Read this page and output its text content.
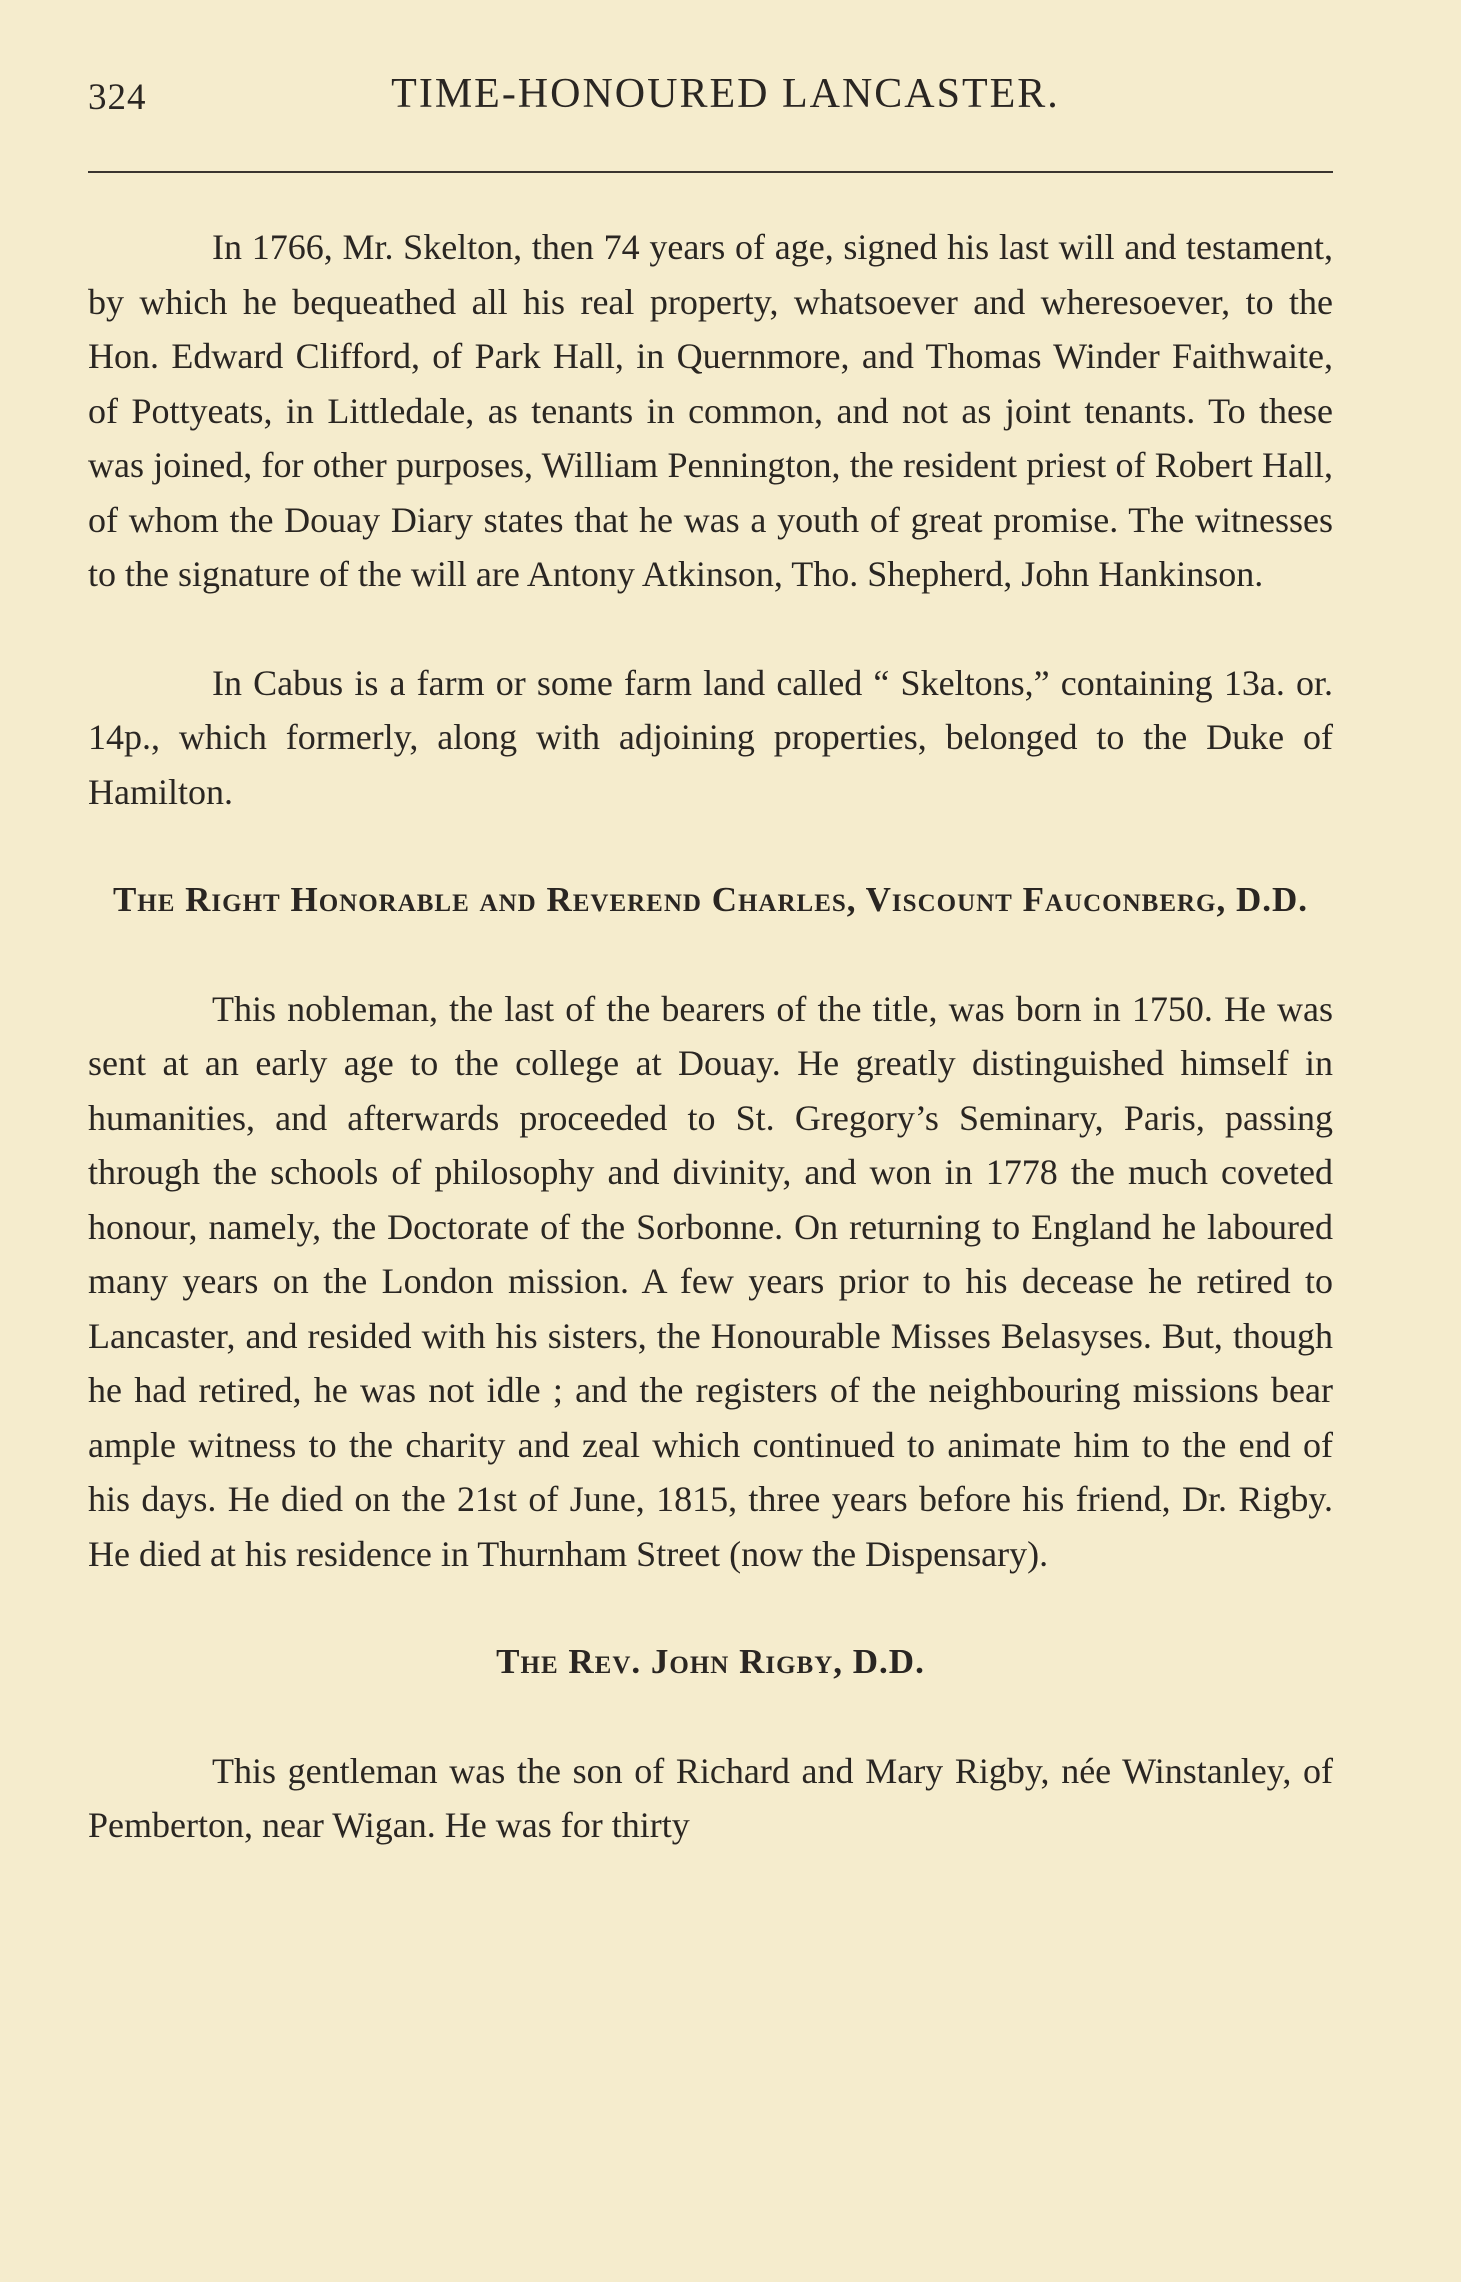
324	TIME-HONOURED LANCASTER.

In 1766, Mr. Skelton, then 74 years of age, signed his last will and testament, by which he bequeathed all his real property, whatsoever and wheresoever, to the Hon. Edward Clifford, of Park Hall, in Quernmore, and Thomas Winder Faithwaite, of Pottyeats, in Littledale, as tenants in common, and not as joint tenants. To these was joined, for other purposes, William Pennington, the resident priest of Robert Hall, of whom the Douay Diary states that he was a youth of great promise. The witnesses to the signature of the will are Antony Atkinson, Tho. Shepherd, John Hankinson.

In Cabus is a farm or some farm land called “ Skeltons,” containing 13a. or. 14p., which formerly, along with adjoining properties, belonged to the Duke of Hamilton.

The Right Honorable and Reverend Charles, Viscount Fauconberg, D.D.

This nobleman, the last of the bearers of the title, was born in 1750. He was sent at an early age to the college at Douay. He greatly distinguished himself in humanities, and afterwards proceeded to St. Gregory’s Seminary, Paris, passing through the schools of philosophy and divinity, and won in 1778 the much coveted honour, namely, the Doctorate of the Sorbonne. On returning to England he laboured many years on the London mission. A few years prior to his decease he retired to Lancaster, and resided with his sisters, the Honourable Misses Belasyses. But, though he had retired, he was not idle ; and the registers of the neighbouring missions bear ample witness to the charity and zeal which continued to animate him to the end of his days. He died on the 21st of June, 1815, three years before his friend, Dr. Rigby. He died at his residence in Thurnham Street (now the Dispensary).

The Rev. John Rigby, D.D.

This gentleman was the son of Richard and Mary Rigby, née Winstanley, of Pemberton, near Wigan. He was for thirty
